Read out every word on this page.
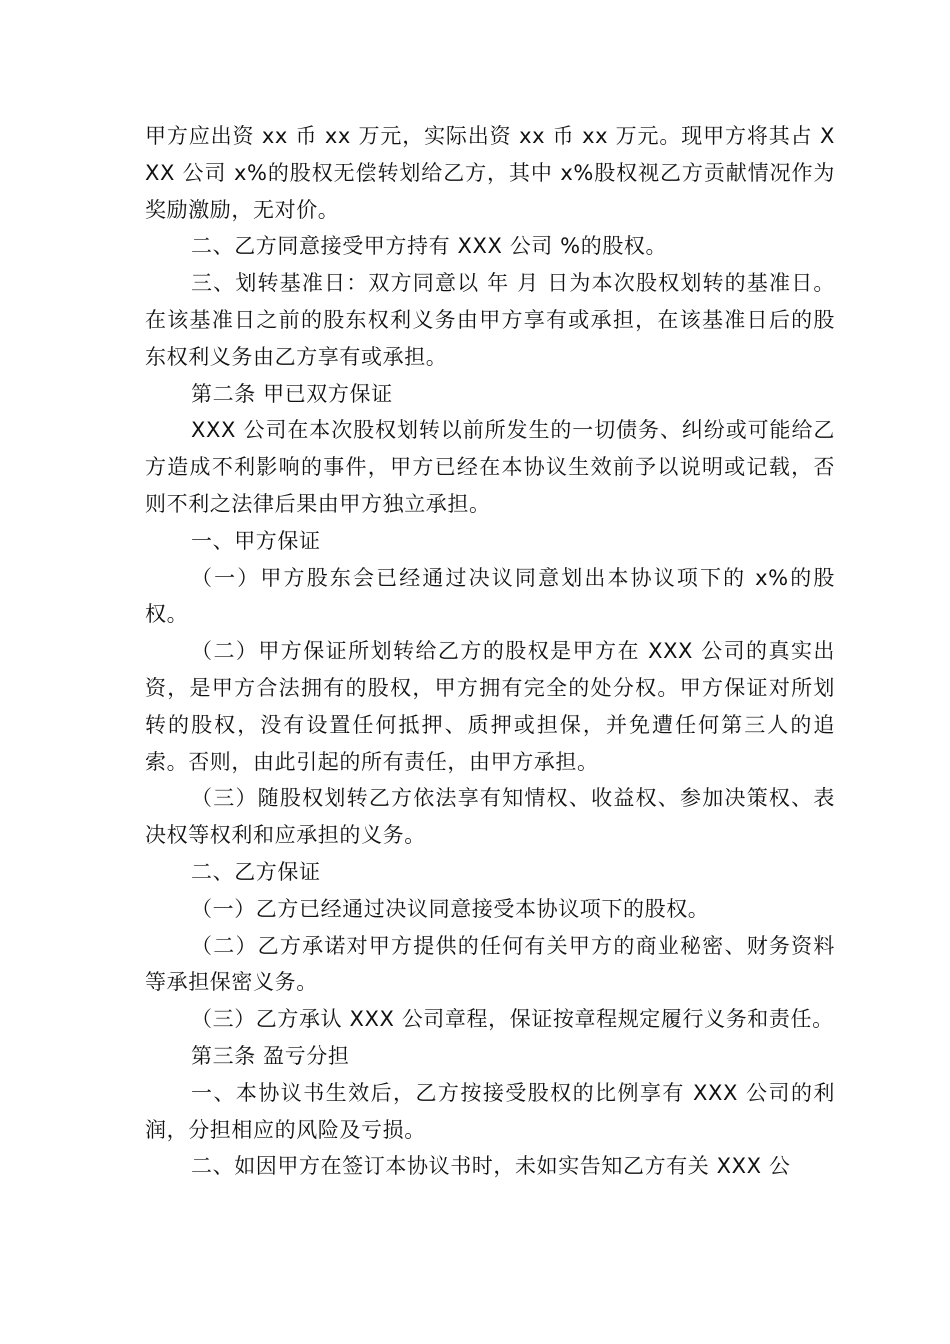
甲方应出资 xx 币 xx 万元，实际出资 xx 币 xx 万元。现甲方将其占 XXX 公司 x%的股权无偿转划给乙方，其中 x%股权视乙方贡献情况作为奖励激励，无对价。

二、乙方同意接受甲方持有 XXX 公司 %的股权。

三、划转基准日：双方同意以 年 月 日为本次股权划转的基准日。在该基准日之前的股东权利义务由甲方享有或承担，在该基准日后的股东权利义务由乙方享有或承担。

第二条 甲已双方保证

XXX 公司在本次股权划转以前所发生的一切债务、纠纷或可能给乙方造成不利影响的事件，甲方已经在本协议生效前予以说明或记载，否则不利之法律后果由甲方独立承担。

一、甲方保证

（一）甲方股东会已经通过决议同意划出本协议项下的 x%的股权。

（二）甲方保证所划转给乙方的股权是甲方在 XXX 公司的真实出资，是甲方合法拥有的股权，甲方拥有完全的处分权。甲方保证对所划转的股权，没有设置任何抵押、质押或担保，并免遭任何第三人的追索。否则，由此引起的所有责任，由甲方承担。

（三）随股权划转乙方依法享有知情权、收益权、参加决策权、表决权等权利和应承担的义务。

二、乙方保证

（一）乙方已经通过决议同意接受本协议项下的股权。

（二）乙方承诺对甲方提供的任何有关甲方的商业秘密、财务资料等承担保密义务。

（三）乙方承认 XXX 公司章程，保证按章程规定履行义务和责任。

第三条 盈亏分担

一、本协议书生效后，乙方按接受股权的比例享有 XXX 公司的利润，分担相应的风险及亏损。

二、如因甲方在签订本协议书时，未如实告知乙方有关 XXX 公
